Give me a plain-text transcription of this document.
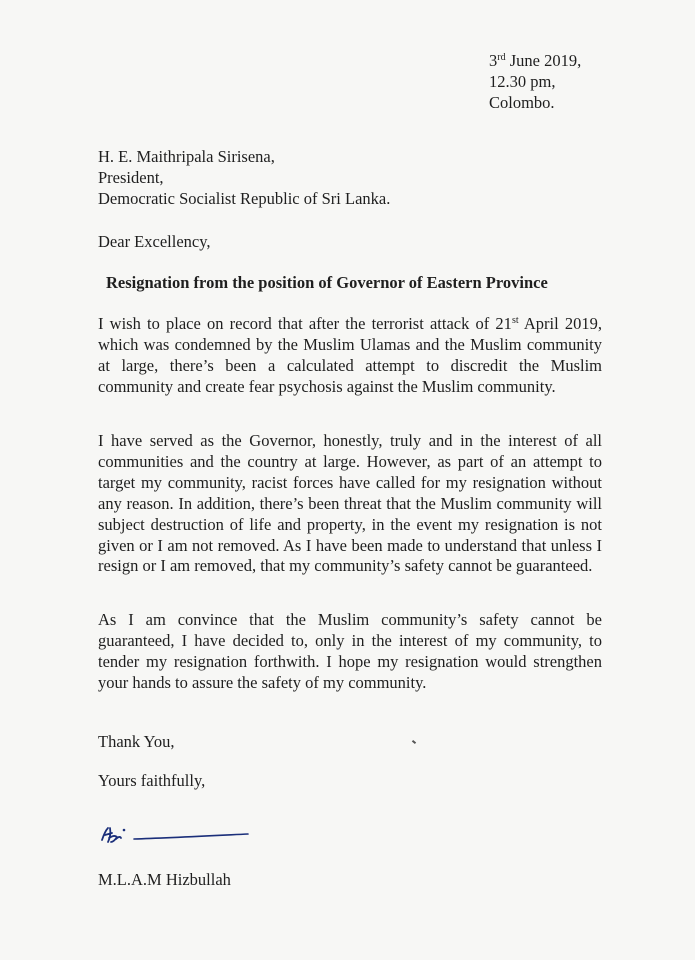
3rd June 2019,
12.30 pm,
Colombo.
H. E. Maithripala Sirisena,
President,
Democratic Socialist Republic of Sri Lanka.
Dear Excellency,
Resignation from the position of Governor of Eastern Province
I wish to place on record that after the terrorist attack of 21st April 2019, which was condemned by the Muslim Ulamas and the Muslim community at large, there’s been a calculated attempt to discredit the Muslim community and create fear psychosis against the Muslim community.
I have served as the Governor, honestly, truly and in the interest of all communities and the country at large. However, as part of an attempt to target my community, racist forces have called for my resignation without any reason. In addition, there’s been threat that the Muslim community will subject destruction of life and property, in the event my resignation is not given or I am not removed. As I have been made to understand that unless I resign or I am removed, that my community’s safety cannot be guaranteed.
As I am convince that the Muslim community’s safety cannot be guaranteed, I have decided to, only in the interest of my community, to tender my resignation forthwith. I hope my resignation would strengthen your hands to assure the safety of my community.
Thank You,
Yours faithfully,
M.L.A.M Hizbullah
